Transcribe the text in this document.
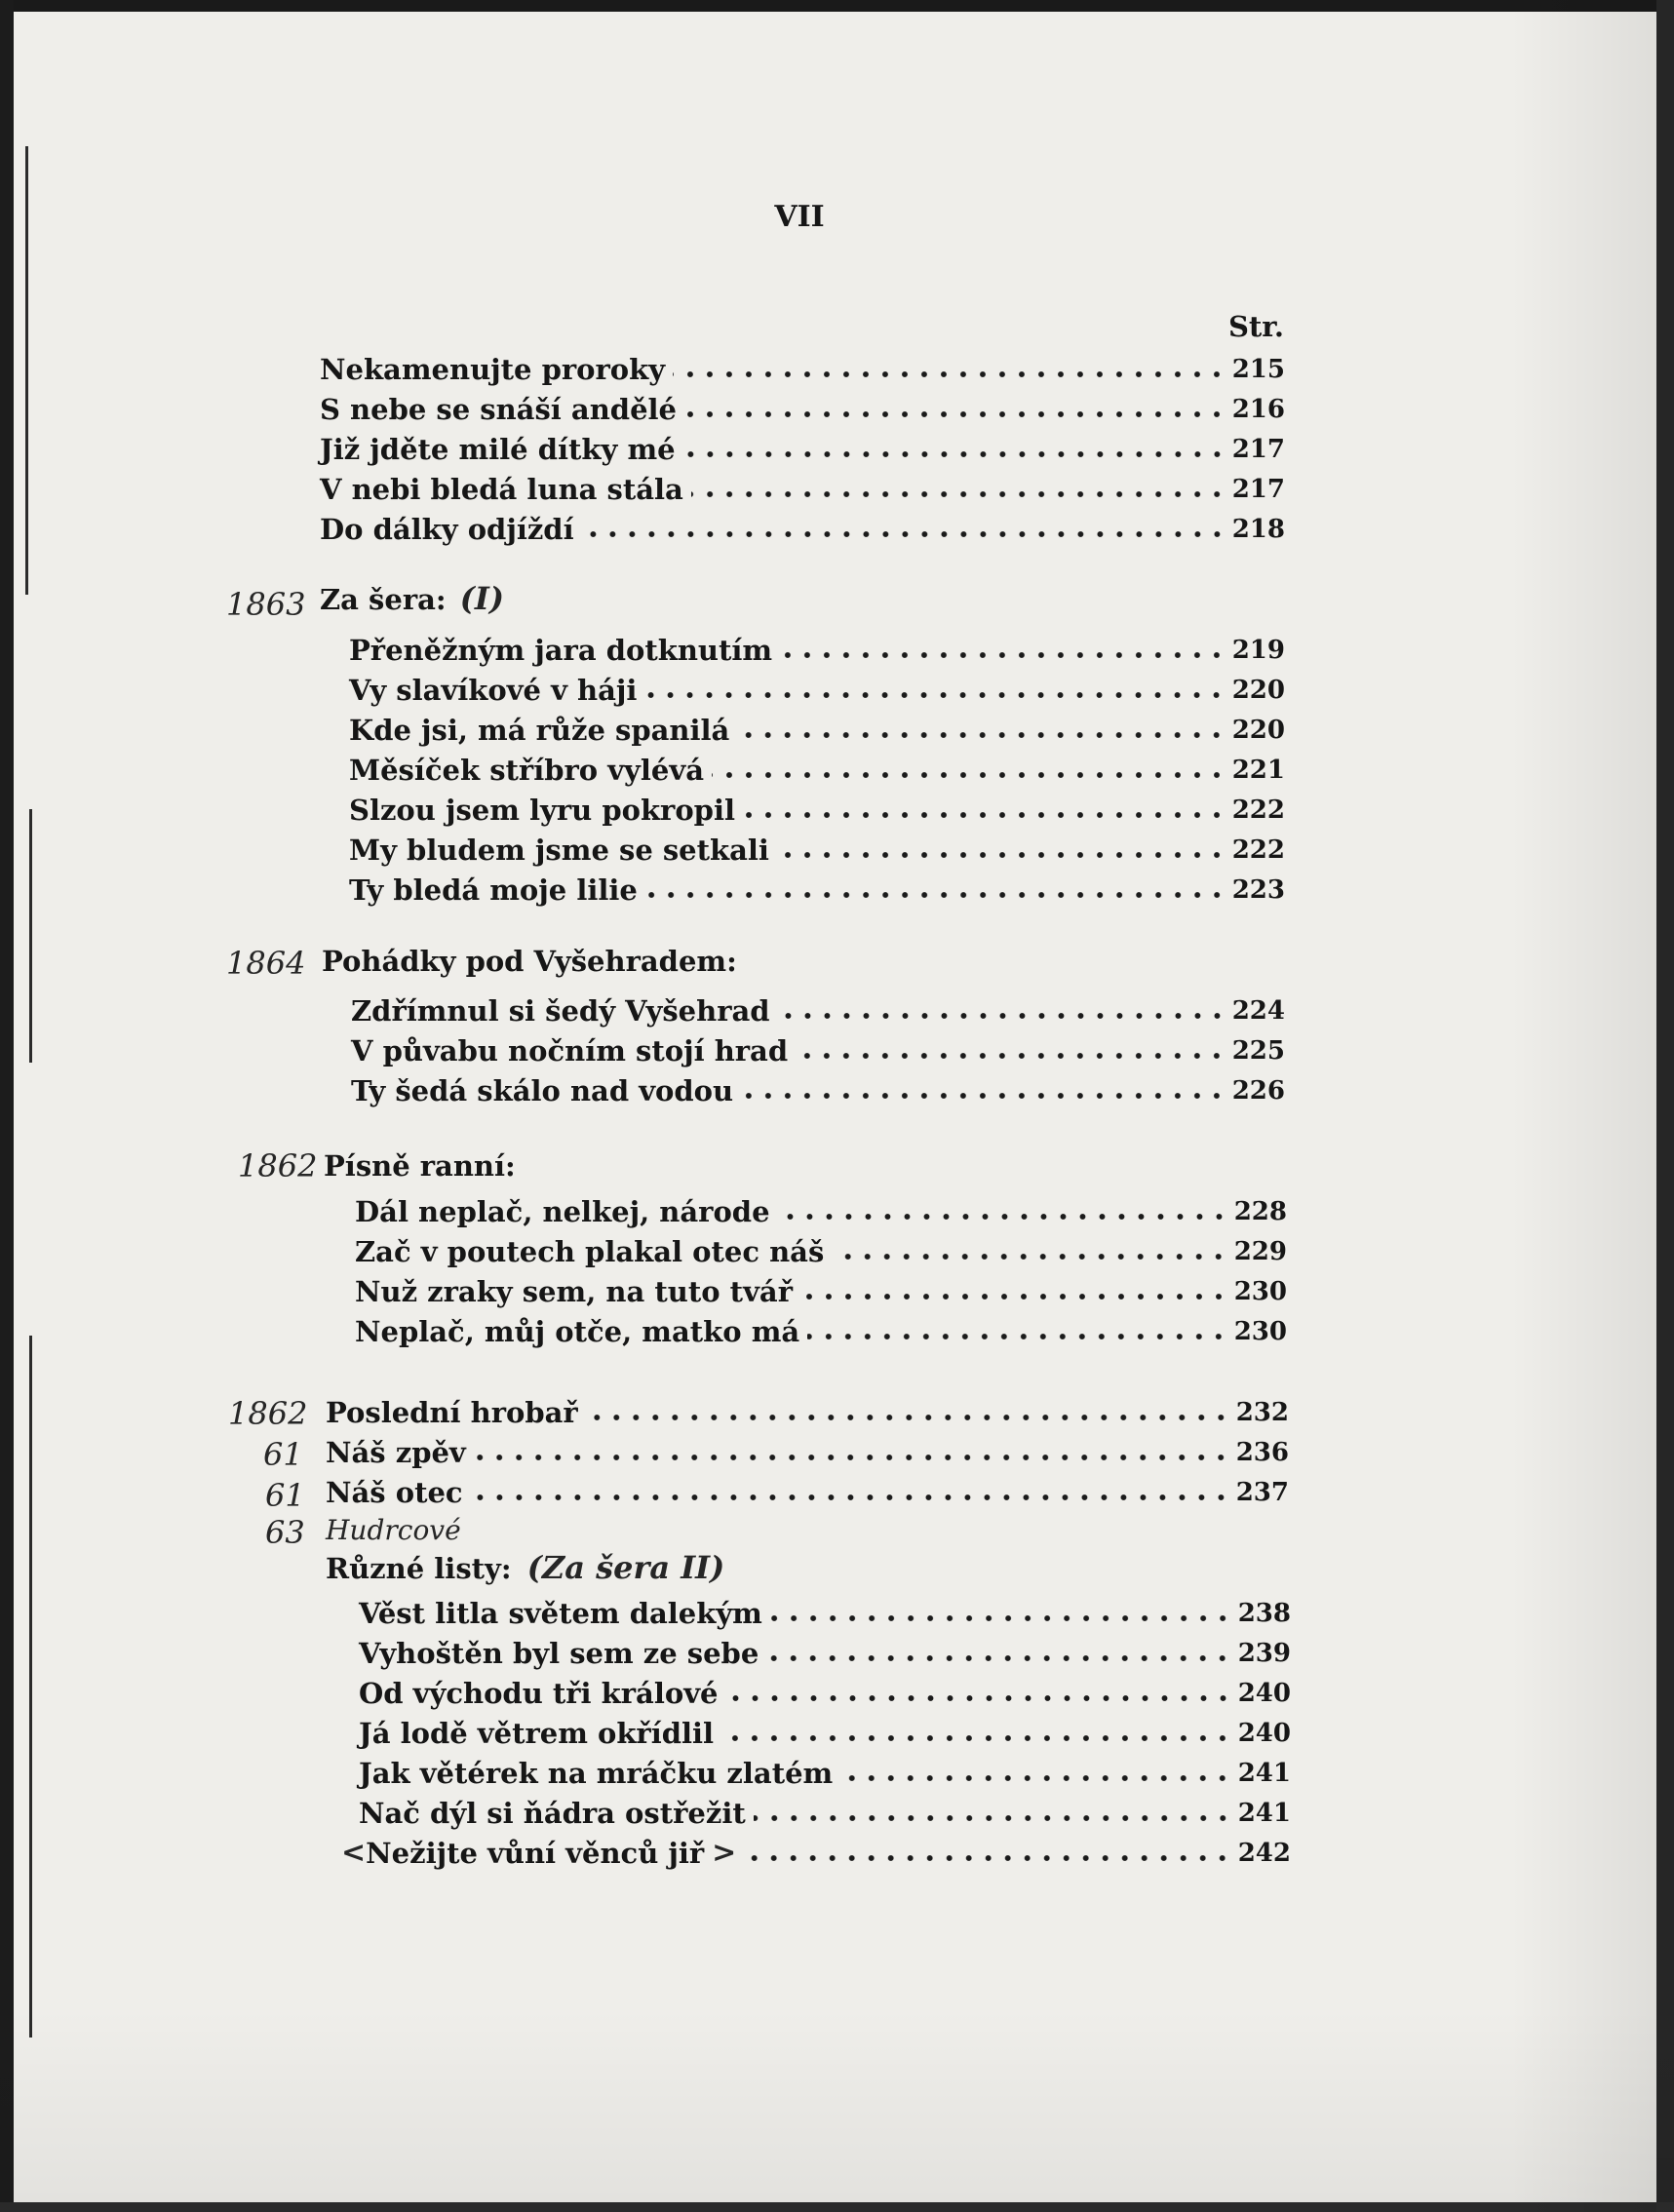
VII
Str.
Nekamenujte proroky	215
S nebe se snáší andělé	216
Již jděte milé dítky mé	217
V nebi bledá luna stála	217
Do dálky odjíždí	218
1863 Za šera: (I)
Přeněžným jara dotknutím	219
Vy slavíkové v háji	220
Kde jsi, má růže spanilá	220
Měsíček stříbro vylévá	221
Slzou jsem lyru pokropil	222
My bludem jsme se setkali	222
Ty bledá moje lilie	223
1864 Pohádky pod Vyšehradem:
Zdřímnul si šedý Vyšehrad	224
V půvabu nočním stojí hrad	225
Ty šedá skálo nad vodou	226
1862 Písně ranní:
Dál neplač, nelkej, národe	228
Zač v poutech plakal otec náš	229
Nuž zraky sem, na tuto tvář	230
Neplač, můj otče, matko má	230
1862 Poslední hrobař	232
61 Náš zpěv	236
61 Náš otec	237
63 Hudrcové
Různé listy: (Za šera II)
Věst litla světem dalekým	238
Vyhoštěn byl sem ze sebe	239
Od východu tři králové	240
Já lodě větrem okřídlil	240
Jak větérek na mráčku zlatém	241
Nač dýl si ňádra ostřežit	241
< Nežijte vůní věnců jiř >	242
